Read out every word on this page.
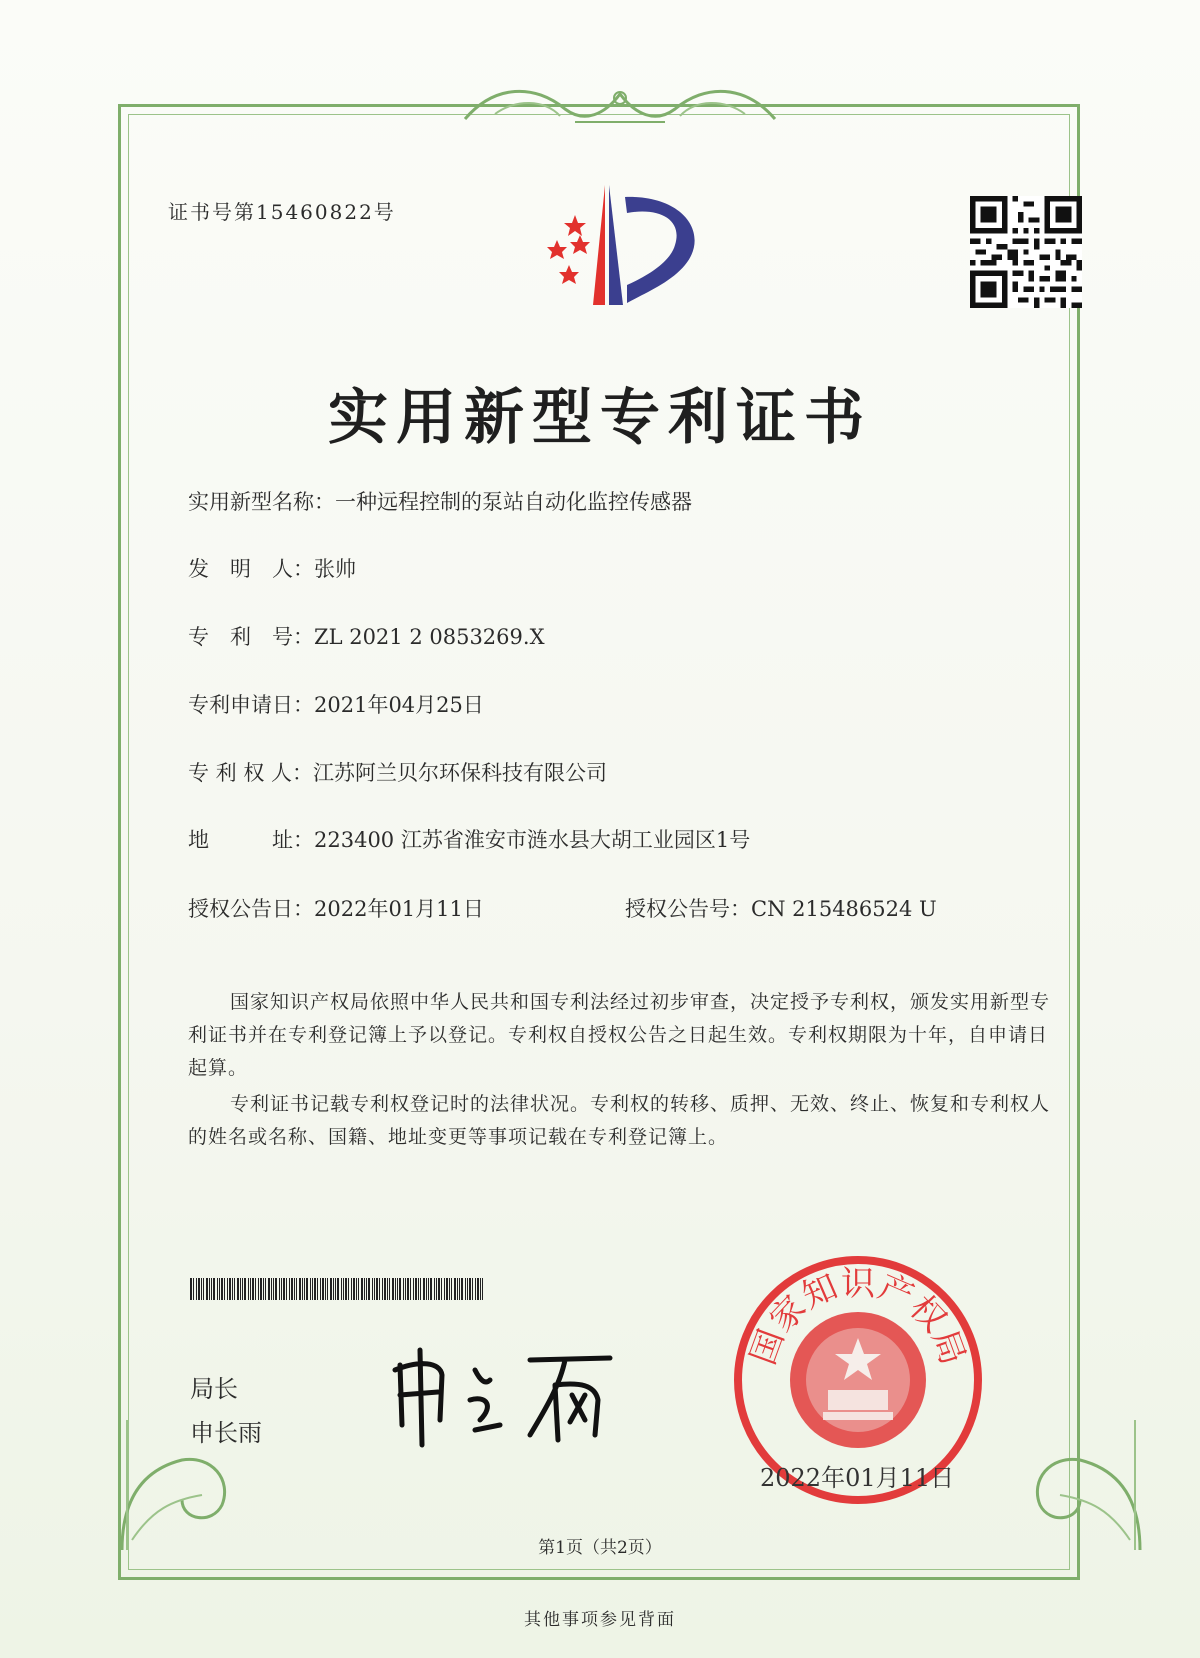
证书号第15460822号
实用新型专利证书
实用新型名称：一种远程控制的泵站自动化监控传感器
发　明　人：张帅
专　利　号：ZL 2021 2 0853269.X
专利申请日：2021年04月25日
专 利 权 人：江苏阿兰贝尔环保科技有限公司
地　　　址：223400 江苏省淮安市涟水县大胡工业园区1号
授权公告日：2022年01月11日	授权公告号：CN 215486524 U
国家知识产权局依照中华人民共和国专利法经过初步审查，决定授予专利权，颁发实用新型专利证书并在专利登记簿上予以登记。专利权自授权公告之日起生效。专利权期限为十年，自申请日起算。
专利证书记载专利权登记时的法律状况。专利权的转移、质押、无效、终止、恢复和专利权人的姓名或名称、国籍、地址变更等事项记载在专利登记簿上。
局长
申长雨
国
家
知
识
产
权
局
2022年01月11日
第1页（共2页）
其他事项参见背面
